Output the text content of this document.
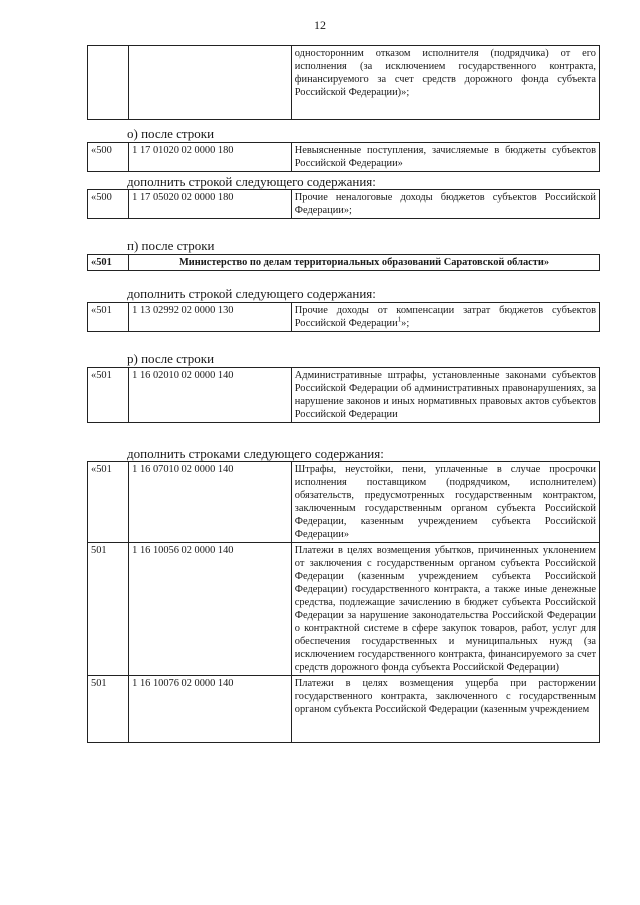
12
		односторонним отказом исполнителя (подрядчика) от его исполнения (за исключением государственного контракта, финансируемого за счет средств дорожного фонда субъекта Российской Федерации)»;
о) после строки
«500	1 17 01020 02 0000 180	Невыясненные поступления, зачисляемые в бюджеты субъектов Российской Федерации»
дополнить строкой следующего содержания:
«500	1 17 05020 02 0000 180	Прочие неналоговые доходы бюджетов субъектов Российской Федерации»;
п) после строки
«501	Министерство по делам территориальных образований Саратовской области»
дополнить строкой следующего содержания:
«501	1 13 02992 02 0000 130	Прочие доходы от компенсации затрат бюджетов субъектов Российской Федерации$^1$»;
р) после строки
«501	1 16 02010 02 0000 140	Административные штрафы, установленные законами субъектов Российской Федерации об административных правонарушениях, за нарушение законов и иных нормативных правовых актов субъектов Российской Федерации
дополнить строками следующего содержания:
«501	1 16 07010 02 0000 140	Штрафы, неустойки, пени, уплаченные в случае просрочки исполнения поставщиком (подрядчиком, исполнителем) обязательств, предусмотренных государственным контрактом, заключенным государственным органом субъекта Российской Федерации, казенным учреждением субъекта Российской Федерации»
501	1 16 10056 02 0000 140	Платежи в целях возмещения убытков, причиненных уклонением от заключения с государственным органом субъекта Российской Федерации (казенным учреждением субъекта Российской Федерации) государственного контракта, а также иные денежные средства, подлежащие зачислению в бюджет субъекта Российской Федерации за нарушение законодательства Российской Федерации о контрактной системе в сфере закупок товаров, работ, услуг для обеспечения государственных и муниципальных нужд (за исключением государственного контракта, финансируемого за счет средств дорожного фонда субъекта Российской Федерации)
501	1 16 10076 02 0000 140	Платежи в целях возмещения ущерба при расторжении государственного контракта, заключенного с государственным органом субъекта Российской Федерации (казенным учреждением
